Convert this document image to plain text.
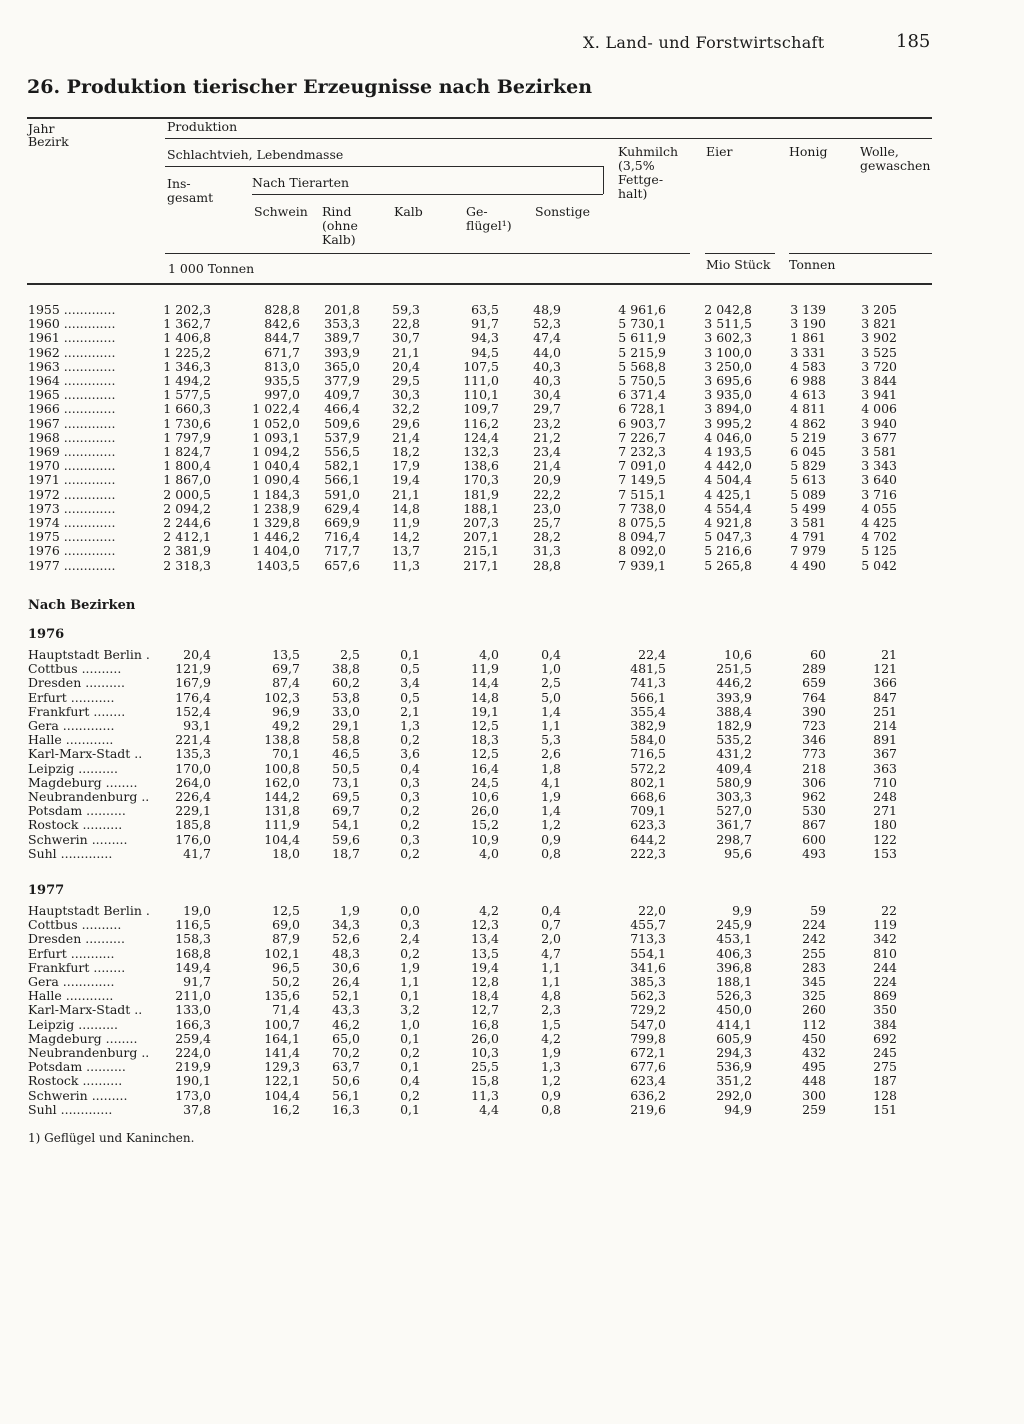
X. Land- und Forstwirtschaft	185
26. Produktion tierischer Erzeugnisse nach Bezirken
Jahr
Bezirk
Produktion
Schlachtvieh, Lebendmasse
Ins-
gesamt
Nach Tierarten
Schwein Rind
(ohne
Kalb)
Kalb	Ge-
flügel¹)
Sonstige
Kuhmilch
(3,5%
Fettge-
halt)
Eier	Honig	Wolle,
gewaschen
1 000 Tonnen	Mio Stück Tonnen
Nach Bezirken
1976
1977
1955 .............	1 202,3	828,8 201,8	59,3	63,5	48,9	4 961,6	2 042,8	3 139	3 205
1960 .............	1 362,7	842,6 353,3	22,8	91,7	52,3	5 730,1	3 511,5	3 190	3 821
1961 .............	1 406,8	844,7 389,7	30,7	94,3	47,4	5 611,9	3 602,3	1 861	3 902
1962 .............	1 225,2	671,7 393,9	21,1	94,5	44,0	5 215,9	3 100,0	3 331	3 525
1963 .............	1 346,3	813,0 365,0	20,4	107,5	40,3	5 568,8	3 250,0	4 583	3 720
1964 .............	1 494,2	935,5 377,9	29,5	111,0	40,3	5 750,5	3 695,6	6 988	3 844
1965 .............	1 577,5	997,0 409,7	30,3	110,1	30,4	6 371,4	3 935,0	4 613	3 941
1966 .............	1 660,3	1 022,4 466,4	32,2	109,7	29,7	6 728,1	3 894,0	4 811	4 006
1967 .............	1 730,6	1 052,0 509,6	29,6	116,2	23,2	6 903,7	3 995,2	4 862	3 940
1968 .............	1 797,9	1 093,1 537,9	21,4	124,4	21,2	7 226,7	4 046,0	5 219	3 677
1969 .............	1 824,7	1 094,2 556,5	18,2	132,3	23,4	7 232,3	4 193,5	6 045	3 581
1970 .............	1 800,4	1 040,4 582,1	17,9	138,6	21,4	7 091,0	4 442,0	5 829	3 343
1971 .............	1 867,0	1 090,4 566,1	19,4	170,3	20,9	7 149,5	4 504,4	5 613	3 640
1972 .............	2 000,5	1 184,3 591,0	21,1	181,9	22,2	7 515,1	4 425,1	5 089	3 716
1973 .............	2 094,2	1 238,9 629,4	14,8	188,1	23,0	7 738,0	4 554,4	5 499	4 055
1974 .............	2 244,6	1 329,8 669,9	11,9	207,3	25,7	8 075,5	4 921,8	3 581	4 425
1975 .............	2 412,1	1 446,2 716,4	14,2	207,1	28,2	8 094,7	5 047,3	4 791	4 702
1976 .............	2 381,9	1 404,0 717,7	13,7	215,1	31,3	8 092,0	5 216,6	7 979	5 125
1977 .............	2 318,3	1403,5 657,6	11,3	217,1	28,8	7 939,1	5 265,8	4 490	5 042
Hauptstadt Berlin .	20,4	13,5	2,5	0,1	4,0	0,4	22,4	10,6	60	21
Cottbus ..........	121,9	69,7	38,8	0,5	11,9	1,0	481,5	251,5	289	121
Dresden ..........	167,9	87,4	60,2	3,4	14,4	2,5	741,3	446,2	659	366
Erfurt ...........	176,4	102,3	53,8	0,5	14,8	5,0	566,1	393,9	764	847
Frankfurt ........	152,4	96,9	33,0	2,1	19,1	1,4	355,4	388,4	390	251
Gera .............	93,1	49,2	29,1	1,3	12,5	1,1	382,9	182,9	723	214
Halle ............	221,4	138,8	58,8	0,2	18,3	5,3	584,0	535,2	346	891
Karl-Marx-Stadt ..	135,3	70,1	46,5	3,6	12,5	2,6	716,5	431,2	773	367
Leipzig ..........	170,0	100,8	50,5	0,4	16,4	1,8	572,2	409,4	218	363
Magdeburg ........	264,0	162,0	73,1	0,3	24,5	4,1	802,1	580,9	306	710
Neubrandenburg ..	226,4	144,2	69,5	0,3	10,6	1,9	668,6	303,3	962	248
Potsdam ..........	229,1	131,8	69,7	0,2	26,0	1,4	709,1	527,0	530	271
Rostock ..........	185,8	111,9	54,1	0,2	15,2	1,2	623,3	361,7	867	180
Schwerin .........	176,0	104,4	59,6	0,3	10,9	0,9	644,2	298,7	600	122
Suhl .............	41,7	18,0	18,7	0,2	4,0	0,8	222,3	95,6	493	153
Hauptstadt Berlin .	19,0	12,5	1,9	0,0	4,2	0,4	22,0	9,9	59	22
Cottbus ..........	116,5	69,0	34,3	0,3	12,3	0,7	455,7	245,9	224	119
Dresden ..........	158,3	87,9	52,6	2,4	13,4	2,0	713,3	453,1	242	342
Erfurt ...........	168,8	102,1	48,3	0,2	13,5	4,7	554,1	406,3	255	810
Frankfurt ........	149,4	96,5	30,6	1,9	19,4	1,1	341,6	396,8	283	244
Gera .............	91,7	50,2	26,4	1,1	12,8	1,1	385,3	188,1	345	224
Halle ............	211,0	135,6	52,1	0,1	18,4	4,8	562,3	526,3	325	869
Karl-Marx-Stadt ..	133,0	71,4	43,3	3,2	12,7	2,3	729,2	450,0	260	350
Leipzig ..........	166,3	100,7	46,2	1,0	16,8	1,5	547,0	414,1	112	384
Magdeburg ........	259,4	164,1	65,0	0,1	26,0	4,2	799,8	605,9	450	692
Neubrandenburg ..	224,0	141,4	70,2	0,2	10,3	1,9	672,1	294,3	432	245
Potsdam ..........	219,9	129,3	63,7	0,1	25,5	1,3	677,6	536,9	495	275
Rostock ..........	190,1	122,1	50,6	0,4	15,8	1,2	623,4	351,2	448	187
Schwerin .........	173,0	104,4	56,1	0,2	11,3	0,9	636,2	292,0	300	128
Suhl .............	37,8	16,2	16,3	0,1	4,4	0,8	219,6	94,9	259	151
1) Geflügel und Kaninchen.
